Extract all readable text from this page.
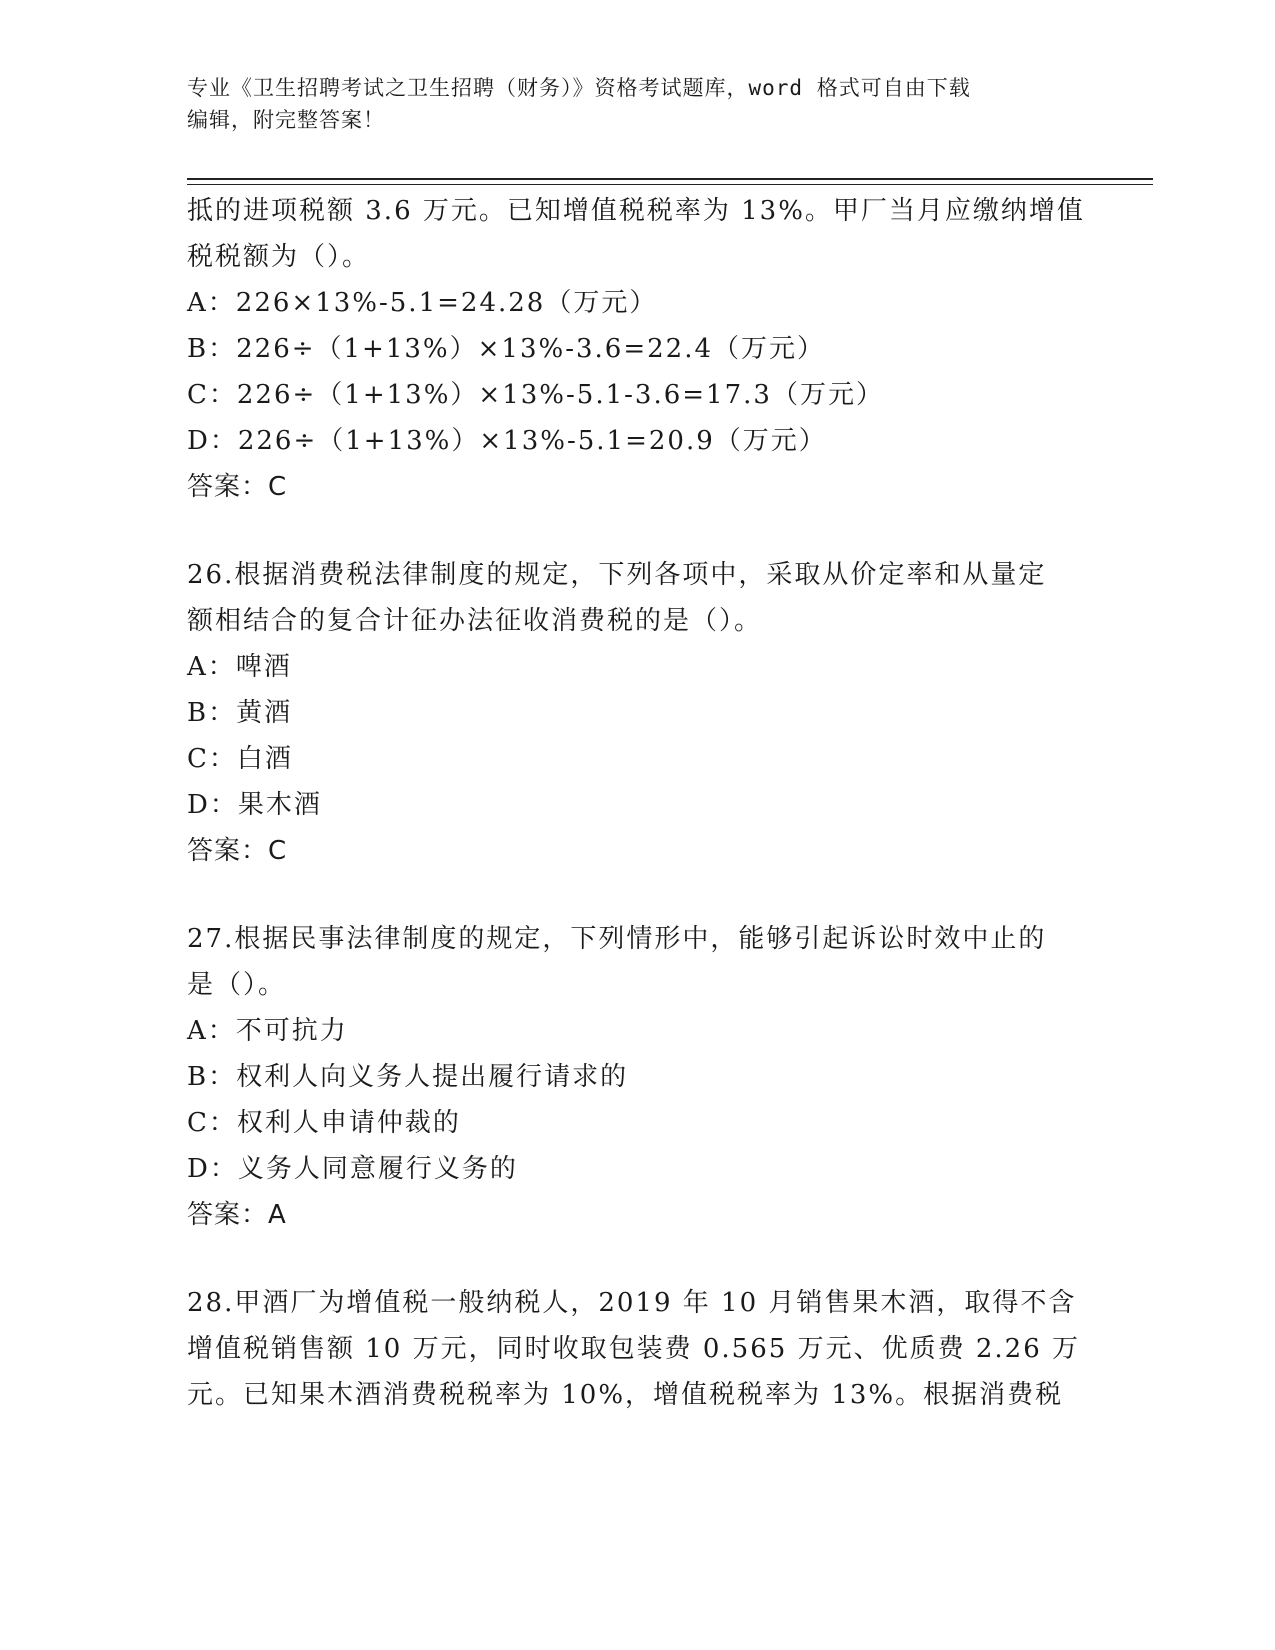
专业《卫生招聘考试之卫生招聘（财务）》资格考试题库，word 格式可自由下载
编辑，附完整答案！
抵的进项税额 3.6 万元。已知增值税税率为 13%。甲厂当月应缴纳增值
税税额为（）。
A：226×13%-5.1=24.28（万元）
B：226÷（1+13%）×13%-3.6=22.4（万元）
C：226÷（1+13%）×13%-5.1-3.6=17.3（万元）
D：226÷（1+13%）×13%-5.1=20.9（万元）
答案：C
26.根据消费税法律制度的规定，下列各项中，采取从价定率和从量定
额相结合的复合计征办法征收消费税的是（）。
A：啤酒
B：黄酒
C：白酒
D：果木酒
答案：C
27.根据民事法律制度的规定，下列情形中，能够引起诉讼时效中止的
是（）。
A：不可抗力
B：权利人向义务人提出履行请求的
C：权利人申请仲裁的
D：义务人同意履行义务的
答案：A
28.甲酒厂为增值税一般纳税人，2019 年 10 月销售果木酒，取得不含
增值税销售额 10 万元，同时收取包装费 0.565 万元、优质费 2.26 万
元。已知果木酒消费税税率为 10%，增值税税率为 13%。根据消费税
